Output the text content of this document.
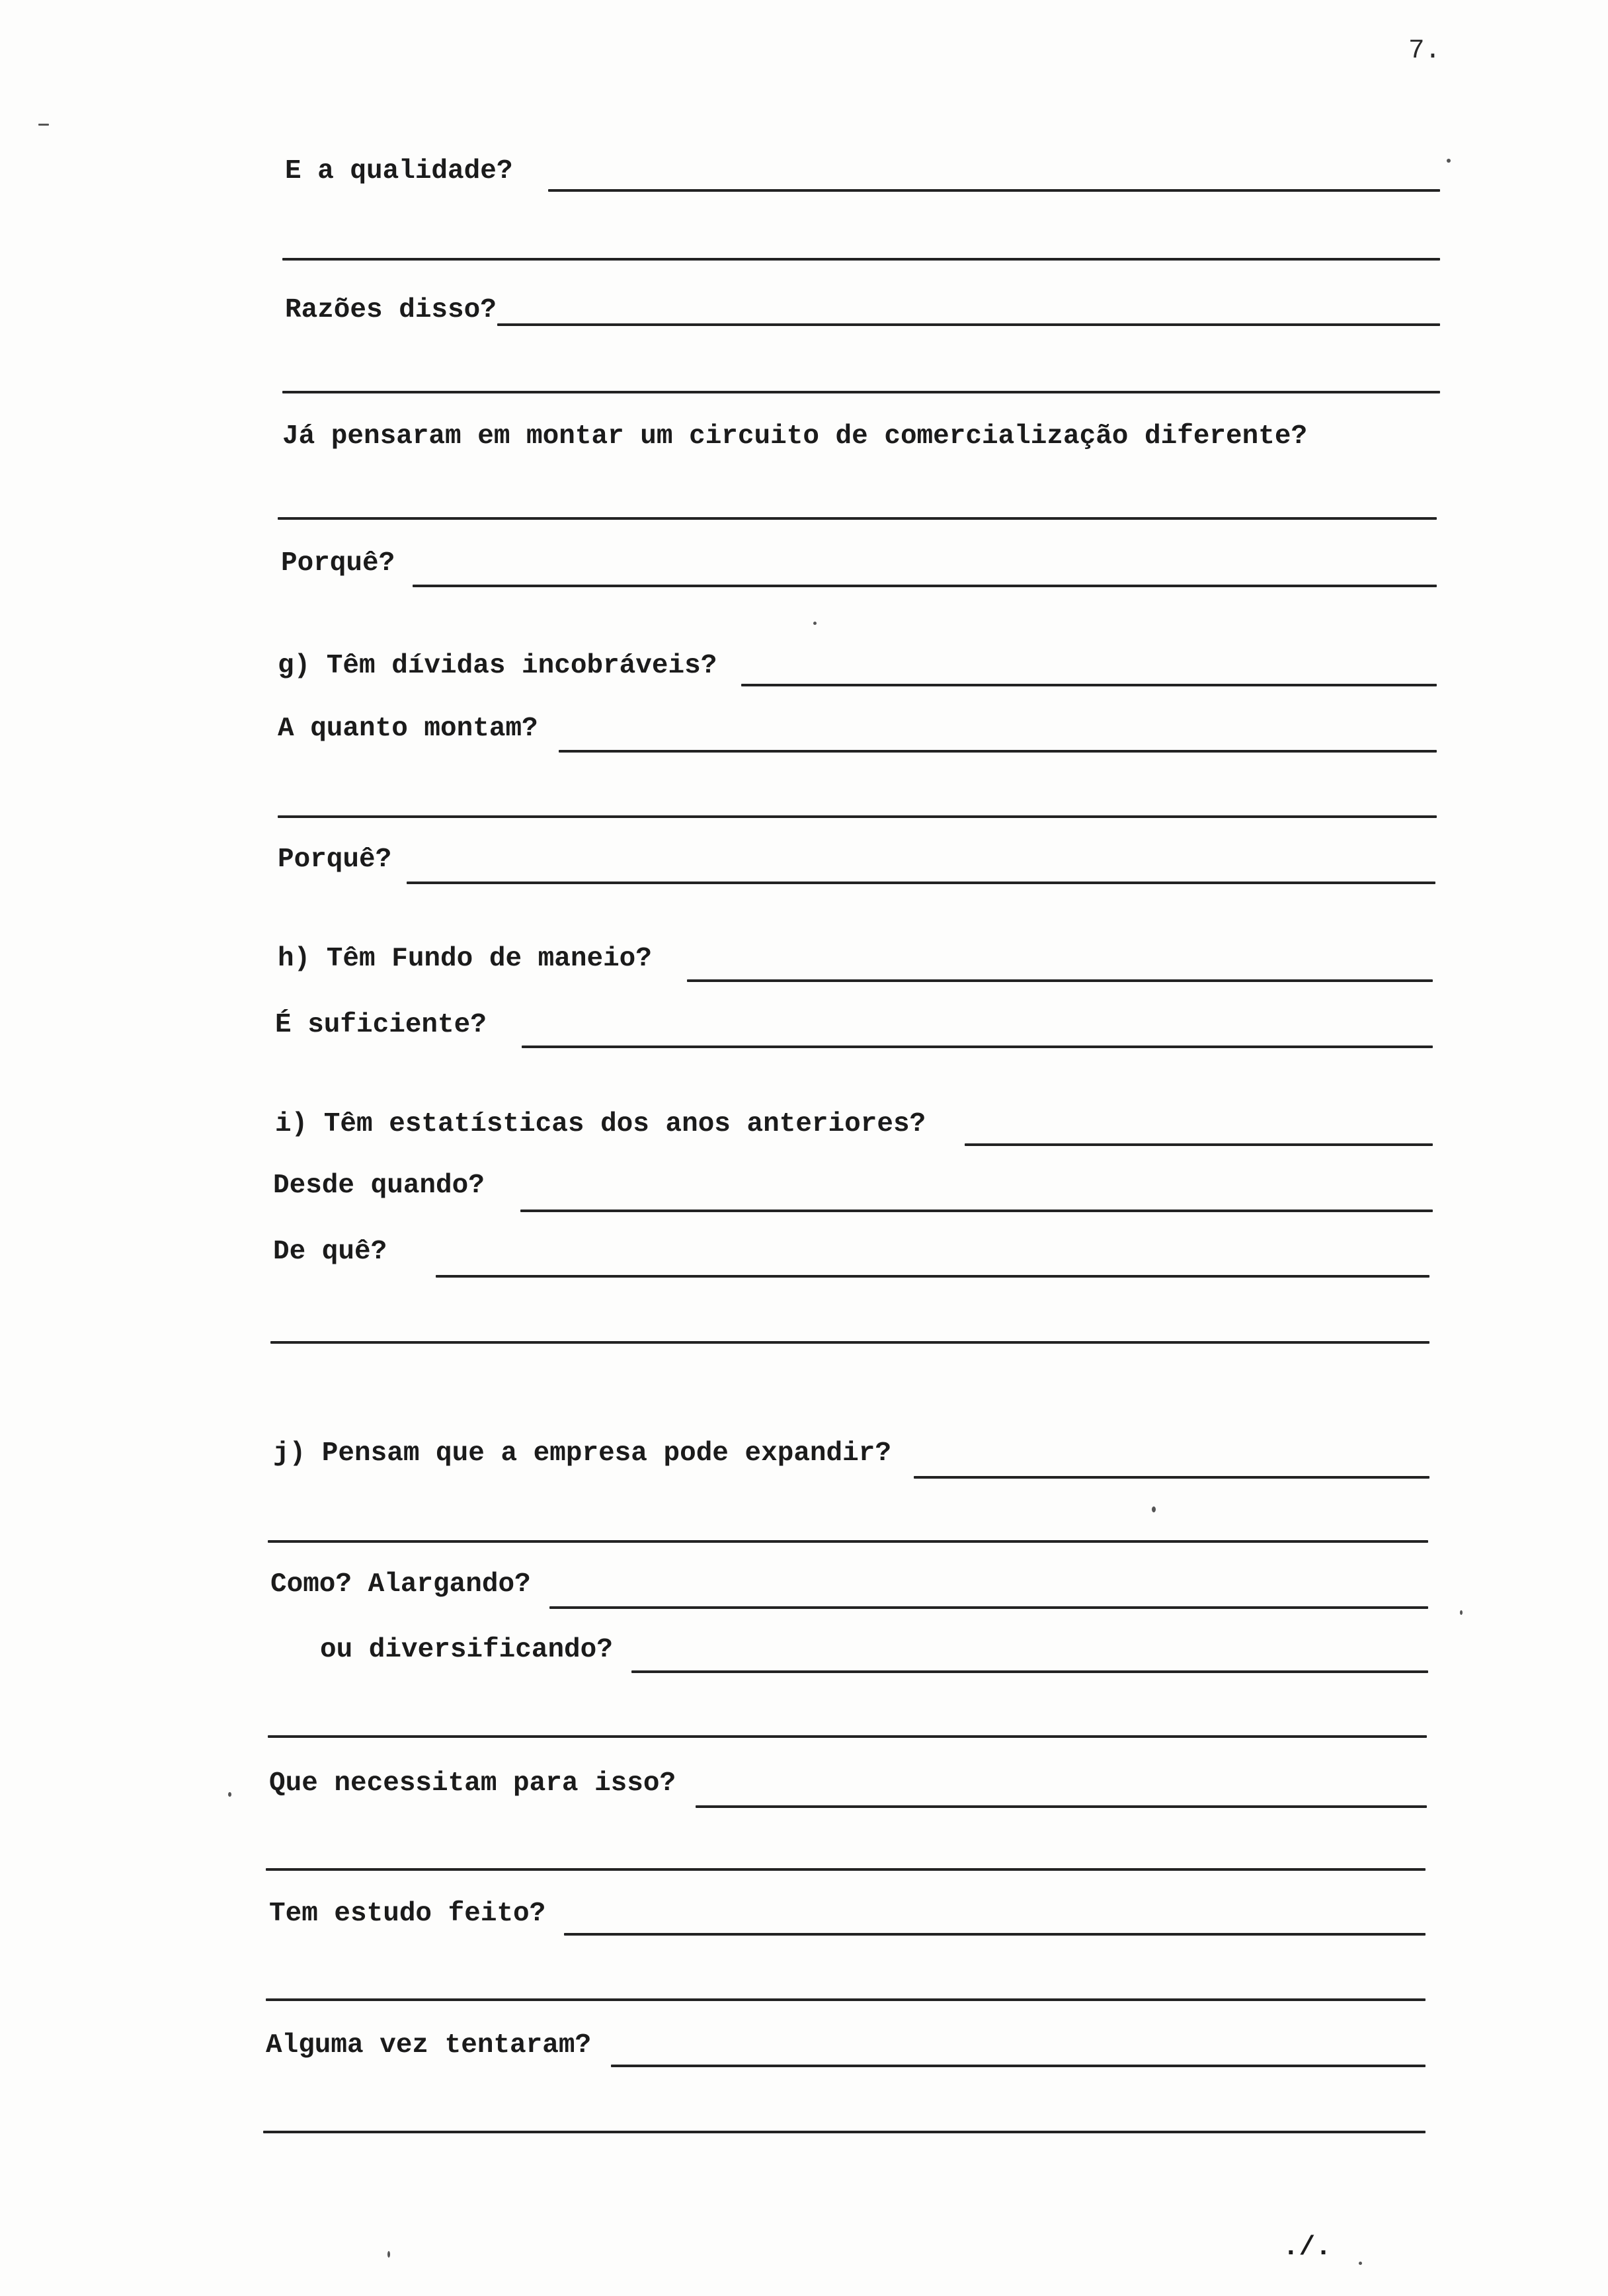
7.
E a qualidade?
Razões disso?
Já pensaram em montar um circuito de comercialização diferente?
Porquê?
g) Têm dívidas incobráveis?
A quanto montam?
Porquê?
h) Têm Fundo de maneio?
É suficiente?
i) Têm estatísticas dos anos anteriores?
Desde quando?
De quê?
j) Pensam que a empresa pode expandir?
Como? Alargando?
ou diversificando?
Que necessitam para isso?
Tem estudo feito?
Alguma vez tentaram?
./.
